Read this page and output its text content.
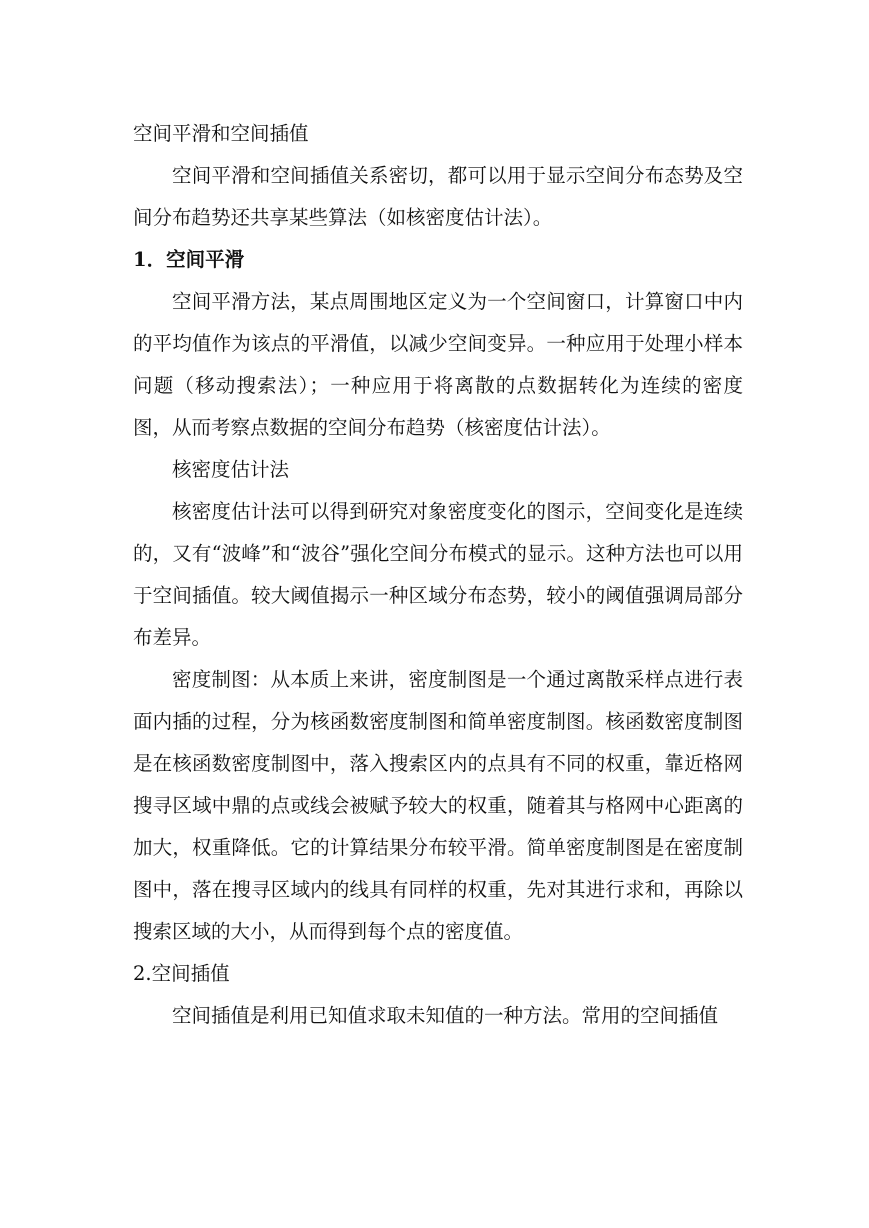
空间平滑和空间插值

空间平滑和空间插值关系密切，都可以用于显示空间分布态势及空间分布趋势还共享某些算法（如核密度估计法）。

1．空间平滑

空间平滑方法，某点周围地区定义为一个空间窗口，计算窗口中内的平均值作为该点的平滑值，以减少空间变异。一种应用于处理小样本问题（移动搜索法）；一种应用于将离散的点数据转化为连续的密度图，从而考察点数据的空间分布趋势（核密度估计法）。

核密度估计法

核密度估计法可以得到研究对象密度变化的图示，空间变化是连续的，又有“波峰”和“波谷”强化空间分布模式的显示。这种方法也可以用于空间插值。较大阈值揭示一种区域分布态势，较小的阈值强调局部分布差异。

密度制图：从本质上来讲，密度制图是一个通过离散采样点进行表面内插的过程，分为核函数密度制图和简单密度制图。核函数密度制图是在核函数密度制图中，落入搜索区内的点具有不同的权重，靠近格网搜寻区域中鼎的点或线会被赋予较大的权重，随着其与格网中心距离的加大，权重降低。它的计算结果分布较平滑。简单密度制图是在密度制图中，落在搜寻区域内的线具有同样的权重，先对其进行求和，再除以搜索区域的大小，从而得到每个点的密度值。

2.空间插值

空间插值是利用已知值求取未知值的一种方法。常用的空间插值
